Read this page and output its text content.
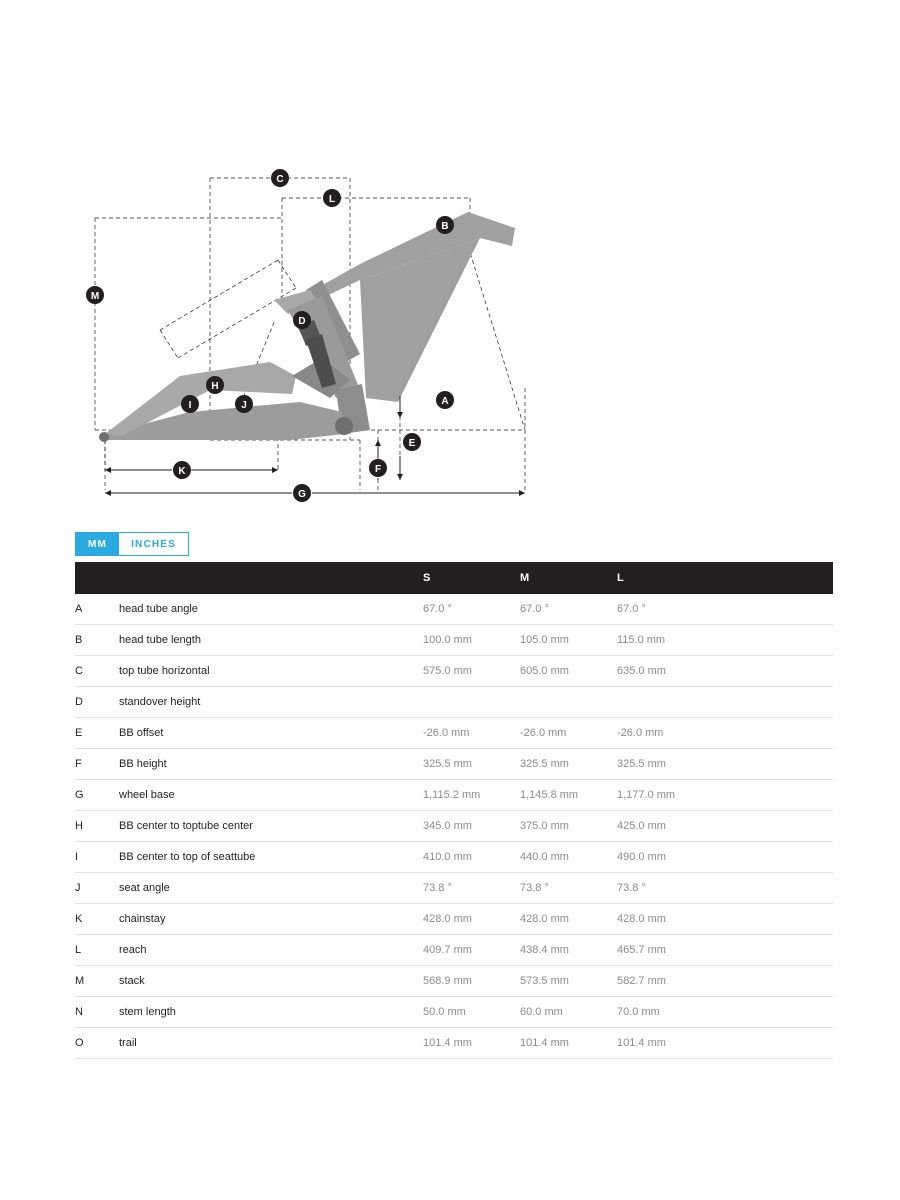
C
L
B
M
D
A
I
H
J
E
K	F
G
MM	INCHES
		S	M	L	
A	head tube angle	67.0 °	67.0 °	67.0 °	
B	head tube length	100.0 mm	105.0 mm	115.0 mm	
C	top tube horizontal	575.0 mm	605.0 mm	635.0 mm	
D	standover height				
E	BB offset	-26.0 mm	-26.0 mm	-26.0 mm	
F	BB height	325.5 mm	325.5 mm	325.5 mm	
G	wheel base	1,115.2 mm	1,145.8 mm	1,177.0 mm	
H	BB center to toptube center	345.0 mm	375.0 mm	425.0 mm	
I	BB center to top of seattube	410.0 mm	440.0 mm	490.0 mm	
J	seat angle	73.8 °	73.8 °	73.8 °	
K	chainstay	428.0 mm	428.0 mm	428.0 mm	
L	reach	409.7 mm	438.4 mm	465.7 mm	
M	stack	568.9 mm	573.5 mm	582.7 mm	
N	stem length	50.0 mm	60.0 mm	70.0 mm	
O	trail	101.4 mm	101.4 mm	101.4 mm	
